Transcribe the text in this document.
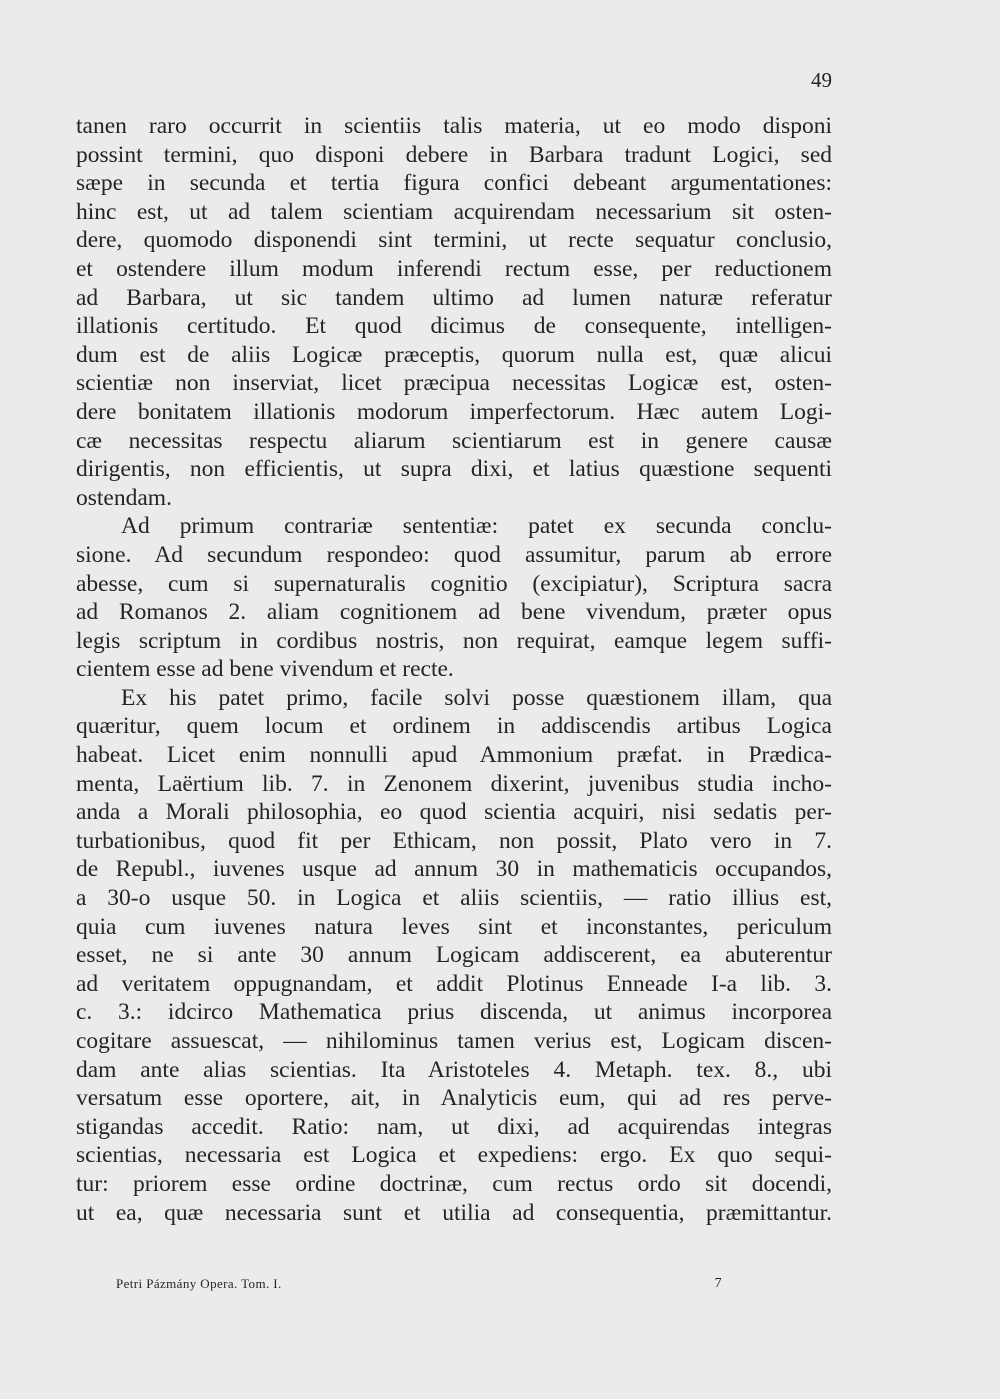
49
tanen raro occurrit in scientiis talis materia, ut eo modo disponi
possint termini, quo disponi debere in Barbara tradunt Logici, sed
sæpe in secunda et tertia figura confici debeant argumentationes:
hinc est, ut ad talem scientiam acquirendam necessarium sit osten-
dere, quomodo disponendi sint termini, ut recte sequatur conclusio,
et ostendere illum modum inferendi rectum esse, per reductionem
ad Barbara, ut sic tandem ultimo ad lumen naturæ referatur
illationis certitudo. Et quod dicimus de consequente, intelligen-
dum est de aliis Logicæ præceptis, quorum nulla est, quæ alicui
scientiæ non inserviat, licet præcipua necessitas Logicæ est, osten-
dere bonitatem illationis modorum imperfectorum. Hæc autem Logi-
cæ necessitas respectu aliarum scientiarum est in genere causæ
dirigentis, non efficientis, ut supra dixi, et latius quæstione sequenti
ostendam.
Ad primum contrariæ sententiæ: patet ex secunda conclu-
sione. Ad secundum respondeo: quod assumitur, parum ab errore
abesse, cum si supernaturalis cognitio (excipiatur), Scriptura sacra
ad Romanos 2. aliam cognitionem ad bene vivendum, præter opus
legis scriptum in cordibus nostris, non requirat, eamque legem suffi-
cientem esse ad bene vivendum et recte.
Ex his patet primo, facile solvi posse quæstionem illam, qua
quæritur, quem locum et ordinem in addiscendis artibus Logica
habeat. Licet enim nonnulli apud Ammonium præfat. in Prædica-
menta, Laërtium lib. 7. in Zenonem dixerint, juvenibus studia incho-
anda a Morali philosophia, eo quod scientia acquiri, nisi sedatis per-
turbationibus, quod fit per Ethicam, non possit, Plato vero in 7.
de Republ., iuvenes usque ad annum 30 in mathematicis occupandos,
a 30-o usque 50. in Logica et aliis scientiis, — ratio illius est,
quia cum iuvenes natura leves sint et inconstantes, periculum
esset, ne si ante 30 annum Logicam addiscerent, ea abuterentur
ad veritatem oppugnandam, et addit Plotinus Enneade I-a lib. 3.
c. 3.: idcirco Mathematica prius discenda, ut animus incorporea
cogitare assuescat, — nihilominus tamen verius est, Logicam discen-
dam ante alias scientias. Ita Aristoteles 4. Metaph. tex. 8., ubi
versatum esse oportere, ait, in Analyticis eum, qui ad res perve-
stigandas accedit. Ratio: nam, ut dixi, ad acquirendas integras
scientias, necessaria est Logica et expediens: ergo. Ex quo sequi-
tur: priorem esse ordine doctrinæ, cum rectus ordo sit docendi,
ut ea, quæ necessaria sunt et utilia ad consequentia, præmittantur.
Petri Pázmány Opera. Tom. I.	7
